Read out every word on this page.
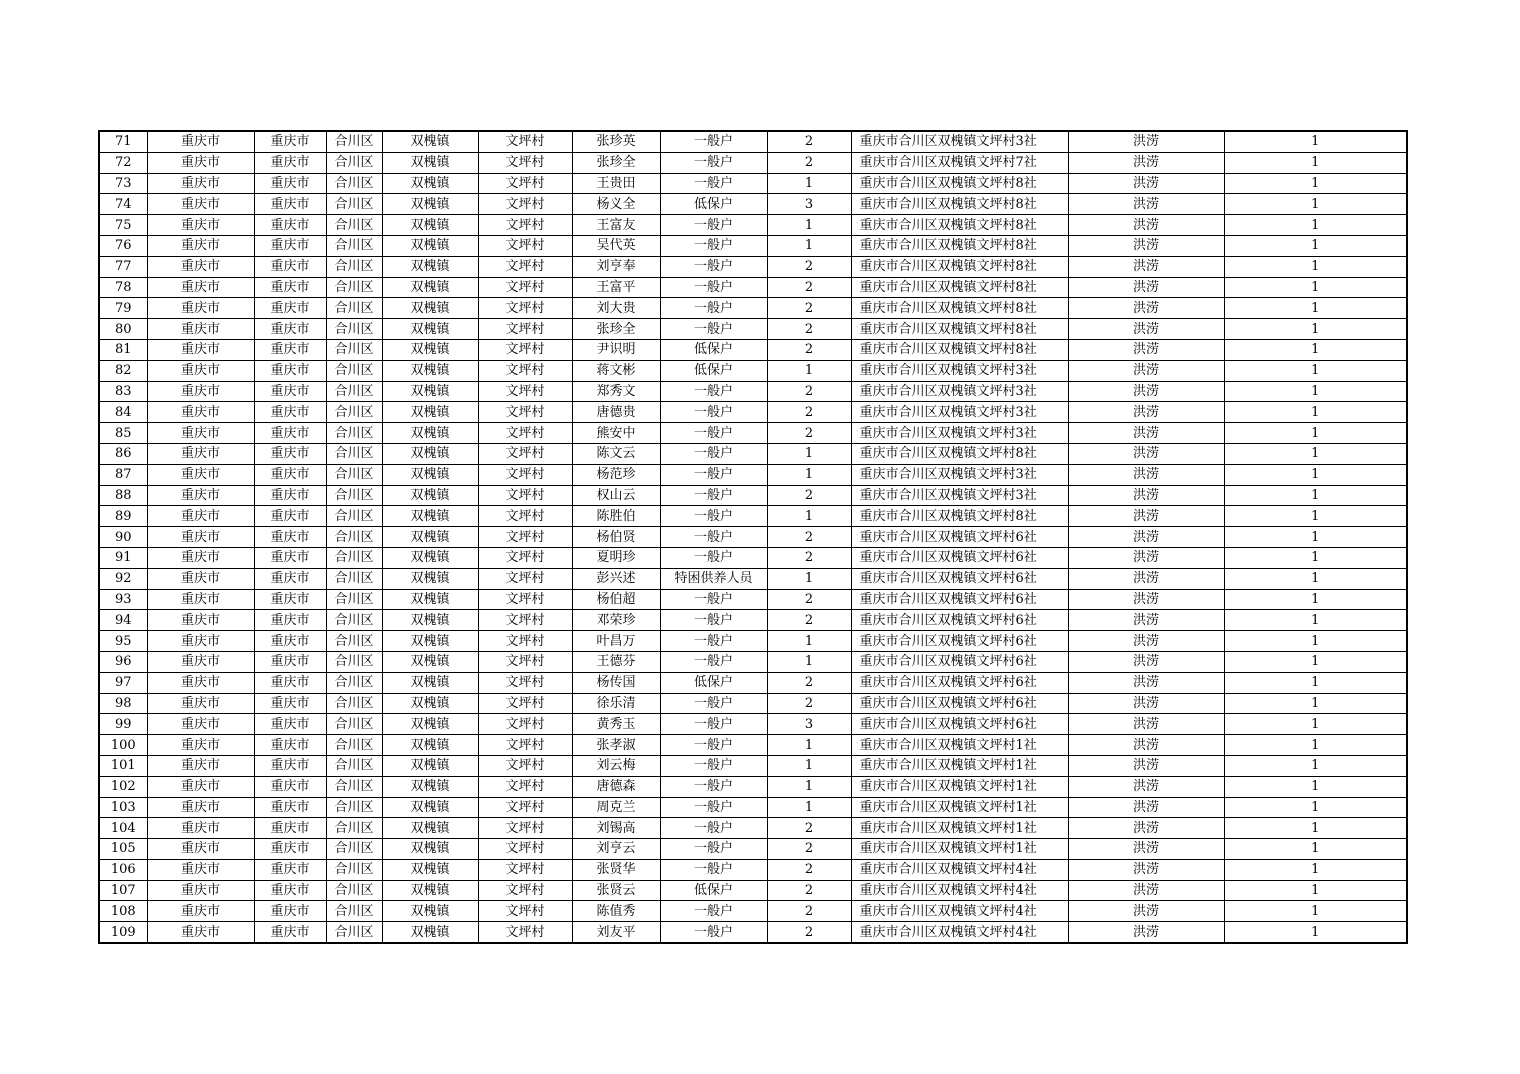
71	重庆市	重庆市	合川区	双槐镇	文坪村	张珍英	一般户	2	重庆市合川区双槐镇文坪村3社	洪涝	1
72	重庆市	重庆市	合川区	双槐镇	文坪村	张珍全	一般户	2	重庆市合川区双槐镇文坪村7社	洪涝	1
73	重庆市	重庆市	合川区	双槐镇	文坪村	王贵田	一般户	1	重庆市合川区双槐镇文坪村8社	洪涝	1
74	重庆市	重庆市	合川区	双槐镇	文坪村	杨义全	低保户	3	重庆市合川区双槐镇文坪村8社	洪涝	1
75	重庆市	重庆市	合川区	双槐镇	文坪村	王富友	一般户	1	重庆市合川区双槐镇文坪村8社	洪涝	1
76	重庆市	重庆市	合川区	双槐镇	文坪村	吴代英	一般户	1	重庆市合川区双槐镇文坪村8社	洪涝	1
77	重庆市	重庆市	合川区	双槐镇	文坪村	刘亨奉	一般户	2	重庆市合川区双槐镇文坪村8社	洪涝	1
78	重庆市	重庆市	合川区	双槐镇	文坪村	王富平	一般户	2	重庆市合川区双槐镇文坪村8社	洪涝	1
79	重庆市	重庆市	合川区	双槐镇	文坪村	刘大贵	一般户	2	重庆市合川区双槐镇文坪村8社	洪涝	1
80	重庆市	重庆市	合川区	双槐镇	文坪村	张珍全	一般户	2	重庆市合川区双槐镇文坪村8社	洪涝	1
81	重庆市	重庆市	合川区	双槐镇	文坪村	尹识明	低保户	2	重庆市合川区双槐镇文坪村8社	洪涝	1
82	重庆市	重庆市	合川区	双槐镇	文坪村	蒋文彬	低保户	1	重庆市合川区双槐镇文坪村3社	洪涝	1
83	重庆市	重庆市	合川区	双槐镇	文坪村	郑秀文	一般户	2	重庆市合川区双槐镇文坪村3社	洪涝	1
84	重庆市	重庆市	合川区	双槐镇	文坪村	唐德贵	一般户	2	重庆市合川区双槐镇文坪村3社	洪涝	1
85	重庆市	重庆市	合川区	双槐镇	文坪村	熊安中	一般户	2	重庆市合川区双槐镇文坪村3社	洪涝	1
86	重庆市	重庆市	合川区	双槐镇	文坪村	陈文云	一般户	1	重庆市合川区双槐镇文坪村8社	洪涝	1
87	重庆市	重庆市	合川区	双槐镇	文坪村	杨范珍	一般户	1	重庆市合川区双槐镇文坪村3社	洪涝	1
88	重庆市	重庆市	合川区	双槐镇	文坪村	权山云	一般户	2	重庆市合川区双槐镇文坪村3社	洪涝	1
89	重庆市	重庆市	合川区	双槐镇	文坪村	陈胜伯	一般户	1	重庆市合川区双槐镇文坪村8社	洪涝	1
90	重庆市	重庆市	合川区	双槐镇	文坪村	杨伯贤	一般户	2	重庆市合川区双槐镇文坪村6社	洪涝	1
91	重庆市	重庆市	合川区	双槐镇	文坪村	夏明珍	一般户	2	重庆市合川区双槐镇文坪村6社	洪涝	1
92	重庆市	重庆市	合川区	双槐镇	文坪村	彭兴述	特困供养人员	1	重庆市合川区双槐镇文坪村6社	洪涝	1
93	重庆市	重庆市	合川区	双槐镇	文坪村	杨伯超	一般户	2	重庆市合川区双槐镇文坪村6社	洪涝	1
94	重庆市	重庆市	合川区	双槐镇	文坪村	邓荣珍	一般户	2	重庆市合川区双槐镇文坪村6社	洪涝	1
95	重庆市	重庆市	合川区	双槐镇	文坪村	叶昌万	一般户	1	重庆市合川区双槐镇文坪村6社	洪涝	1
96	重庆市	重庆市	合川区	双槐镇	文坪村	王德芬	一般户	1	重庆市合川区双槐镇文坪村6社	洪涝	1
97	重庆市	重庆市	合川区	双槐镇	文坪村	杨传国	低保户	2	重庆市合川区双槐镇文坪村6社	洪涝	1
98	重庆市	重庆市	合川区	双槐镇	文坪村	徐乐清	一般户	2	重庆市合川区双槐镇文坪村6社	洪涝	1
99	重庆市	重庆市	合川区	双槐镇	文坪村	黄秀玉	一般户	3	重庆市合川区双槐镇文坪村6社	洪涝	1
100	重庆市	重庆市	合川区	双槐镇	文坪村	张孝淑	一般户	1	重庆市合川区双槐镇文坪村1社	洪涝	1
101	重庆市	重庆市	合川区	双槐镇	文坪村	刘云梅	一般户	1	重庆市合川区双槐镇文坪村1社	洪涝	1
102	重庆市	重庆市	合川区	双槐镇	文坪村	唐德森	一般户	1	重庆市合川区双槐镇文坪村1社	洪涝	1
103	重庆市	重庆市	合川区	双槐镇	文坪村	周克兰	一般户	1	重庆市合川区双槐镇文坪村1社	洪涝	1
104	重庆市	重庆市	合川区	双槐镇	文坪村	刘锡高	一般户	2	重庆市合川区双槐镇文坪村1社	洪涝	1
105	重庆市	重庆市	合川区	双槐镇	文坪村	刘亨云	一般户	2	重庆市合川区双槐镇文坪村1社	洪涝	1
106	重庆市	重庆市	合川区	双槐镇	文坪村	张贤华	一般户	2	重庆市合川区双槐镇文坪村4社	洪涝	1
107	重庆市	重庆市	合川区	双槐镇	文坪村	张贤云	低保户	2	重庆市合川区双槐镇文坪村4社	洪涝	1
108	重庆市	重庆市	合川区	双槐镇	文坪村	陈值秀	一般户	2	重庆市合川区双槐镇文坪村4社	洪涝	1
109	重庆市	重庆市	合川区	双槐镇	文坪村	刘友平	一般户	2	重庆市合川区双槐镇文坪村4社	洪涝	1
